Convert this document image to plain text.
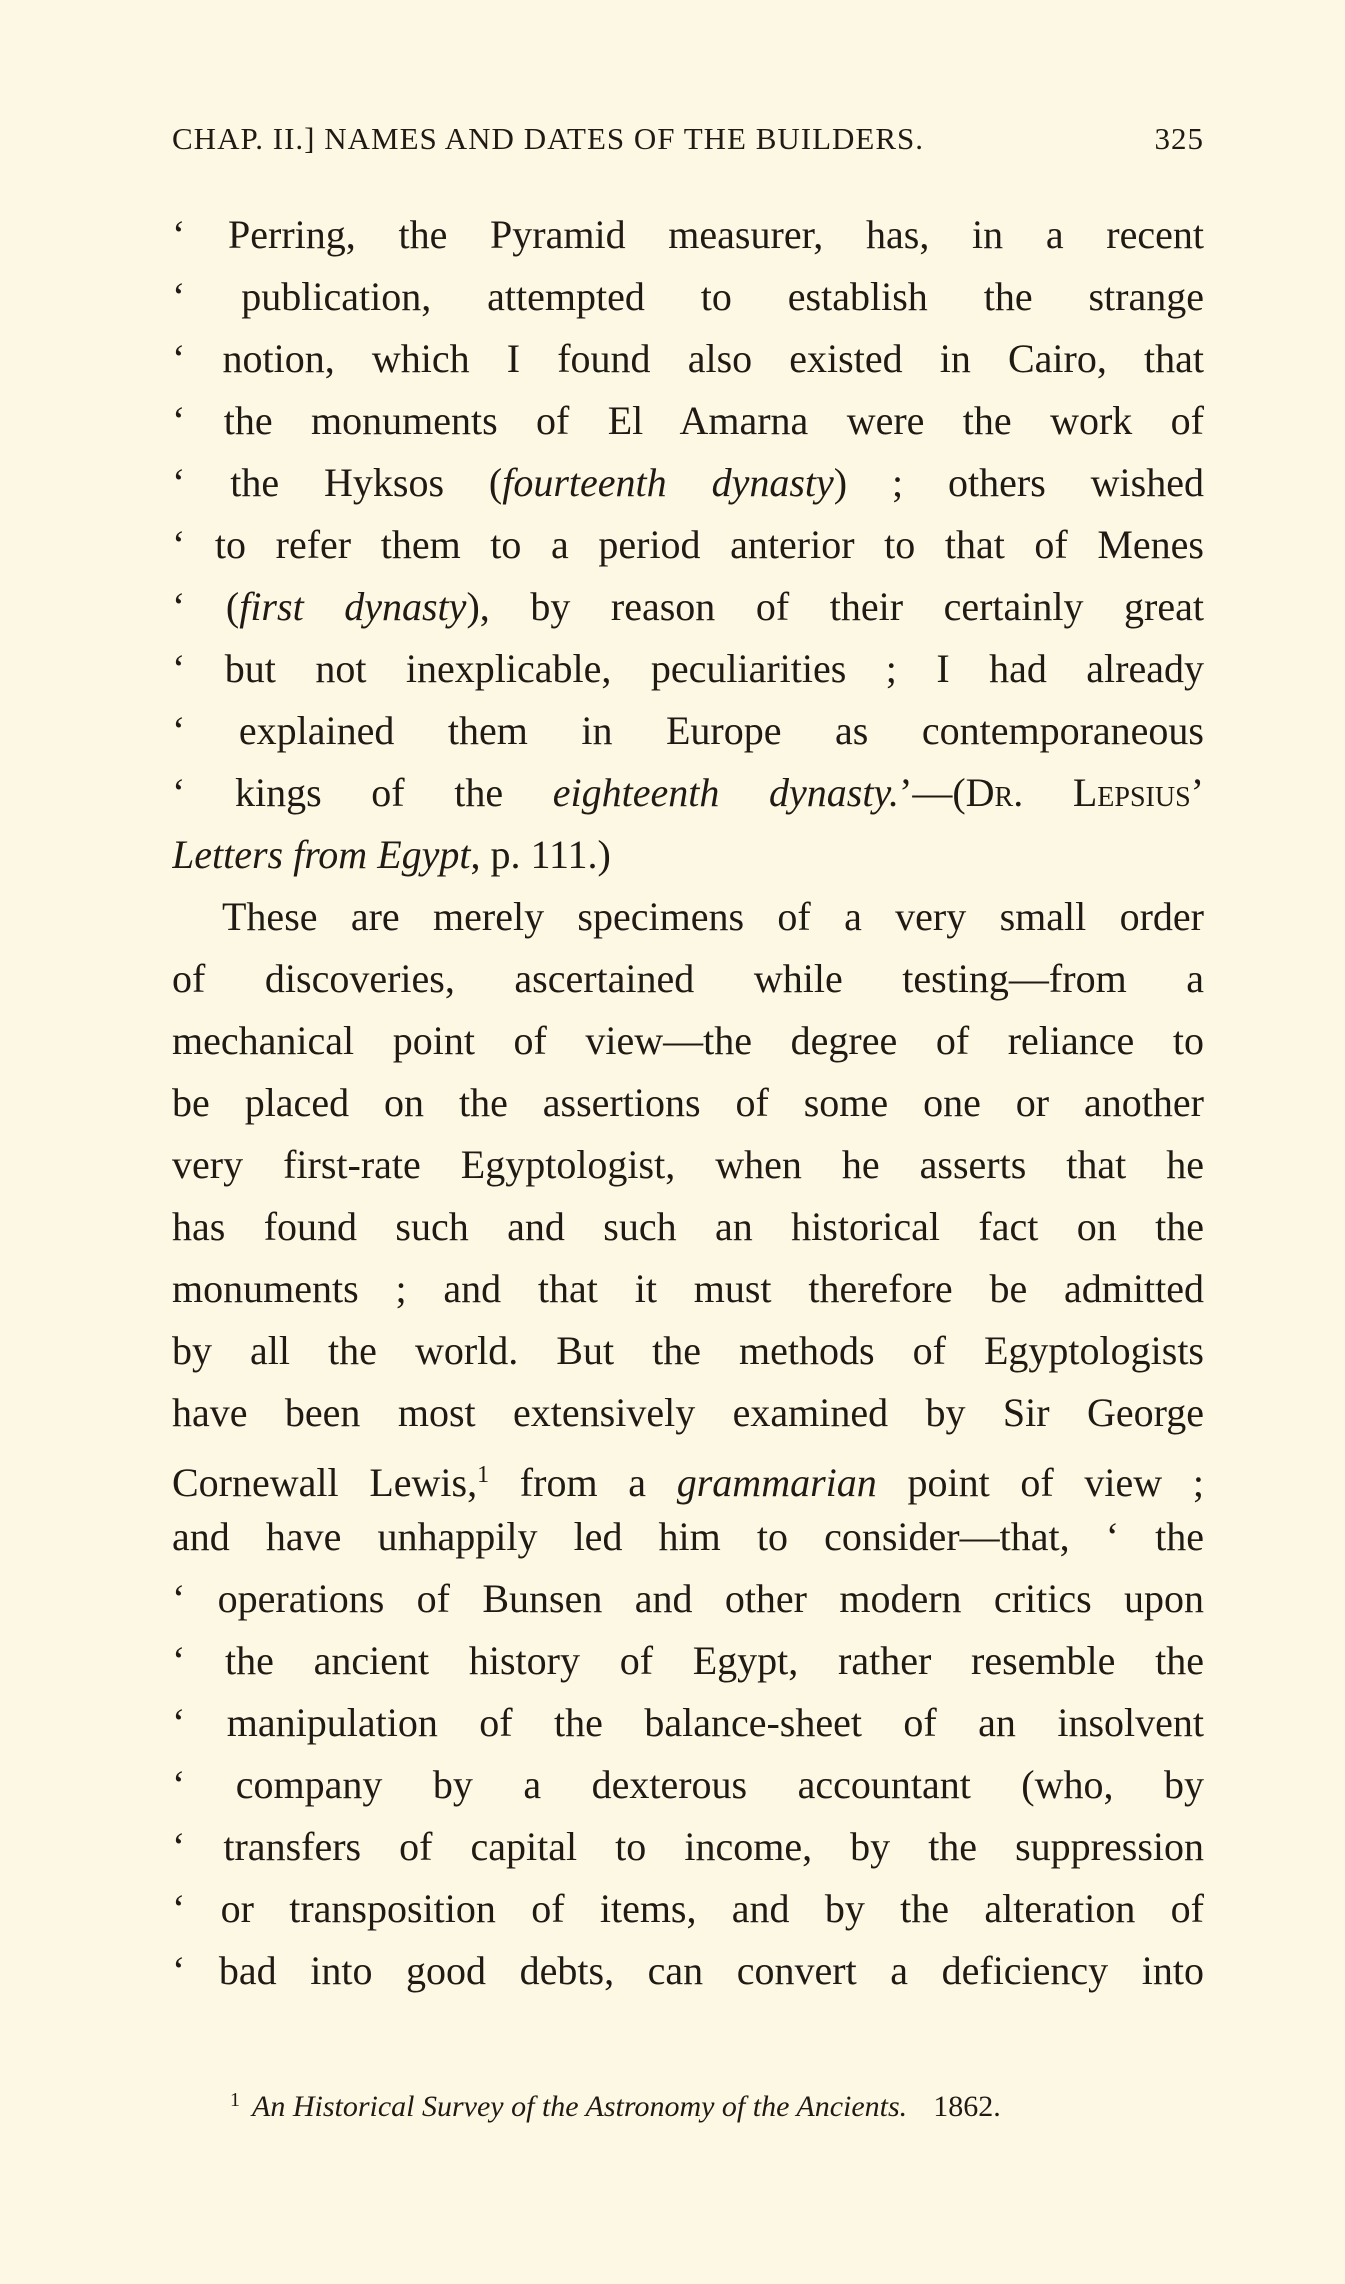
CHAP. II.] NAMES AND DATES OF THE BUILDERS.	325
‘ Perring, the Pyramid measurer, has, in a recent
‘ publication, attempted to establish the strange
‘ notion, which I found also existed in Cairo, that
‘ the monuments of El Amarna were the work of
‘ the Hyksos (fourteenth dynasty) ; others wished
‘ to refer them to a period anterior to that of Menes
‘ (first dynasty), by reason of their certainly great
‘ but not inexplicable, peculiarities ; I had already
‘ explained them in Europe as contemporaneous
‘ kings of the eighteenth dynasty.’—(Dr. Lepsius’
Letters from Egypt, p. 111.)
These are merely specimens of a very small order
of discoveries, ascertained while testing—from a
mechanical point of view—the degree of reliance to
be placed on the assertions of some one or another
very first-rate Egyptologist, when he asserts that he
has found such and such an historical fact on the
monuments ; and that it must therefore be admitted
by all the world. But the methods of Egyptologists
have been most extensively examined by Sir George
Cornewall Lewis,$^1$ from a grammarian point of view ;
and have unhappily led him to consider—that, ‘ the
‘ operations of Bunsen and other modern critics upon
‘ the ancient history of Egypt, rather resemble the
‘ manipulation of the balance-sheet of an insolvent
‘ company by a dexterous accountant (who, by
‘ transfers of capital to income, by the suppression
‘ or transposition of items, and by the alteration of
‘ bad into good debts, can convert a deficiency into
$^1$ An Historical Survey of the Astronomy of the Ancients. 1862.
